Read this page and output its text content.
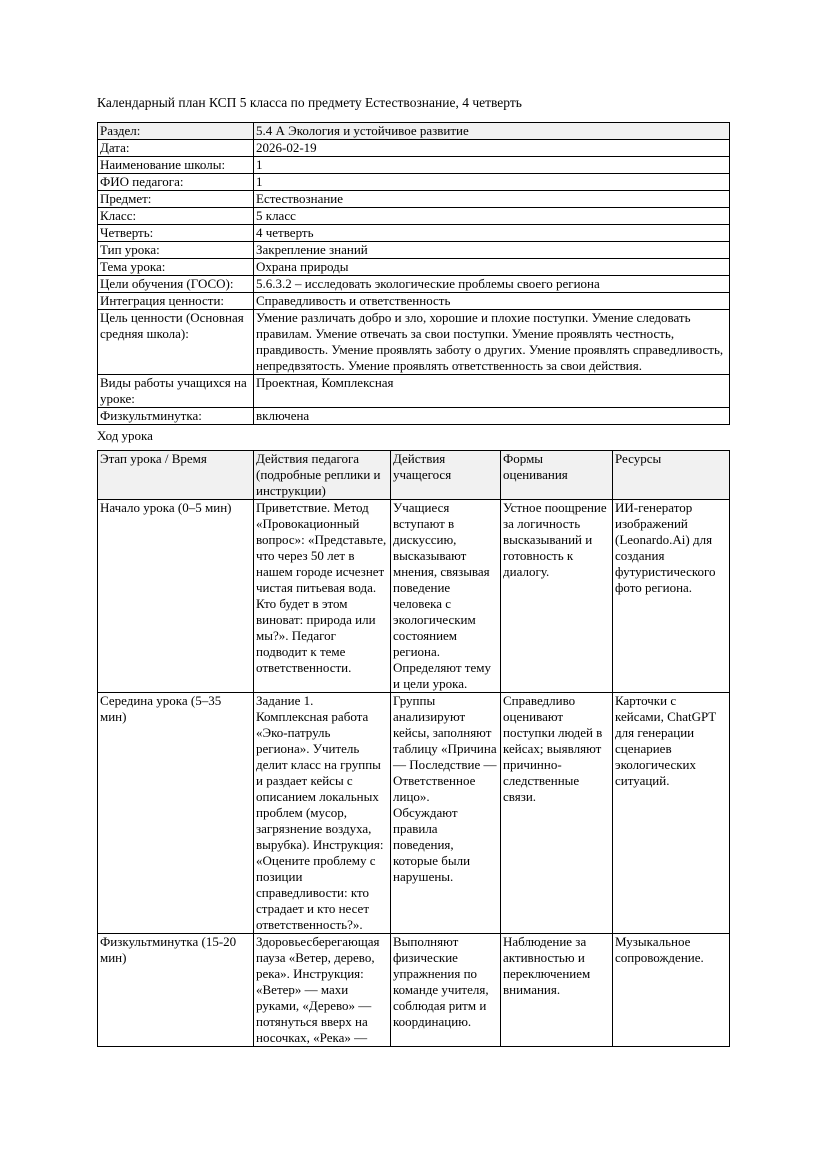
Календарный план КСП 5 класса по предмету Естествознание, 4 четверть
Раздел:	5.4 А Экология и устойчивое развитие
Дата:	2026-02-19
Наименование школы:	1
ФИО педагога:	1
Предмет:	Естествознание
Класс:	5 класс
Четверть:	4 четверть
Тип урока:	Закрепление знаний
Тема урока:	Охрана природы
Цели обучения (ГОСО):	5.6.3.2 – исследовать экологические проблемы своего региона
Интеграция ценности:	Справедливость и ответственность
Цель ценности (Основная средняя школа):	Умение различать добро и зло, хорошие и плохие поступки. Умение следовать правилам. Умение отвечать за свои поступки. Умение проявлять честность, правдивость. Умение проявлять заботу о других. Умение проявлять справедливость, непредвзятость. Умение проявлять ответственность за свои действия.
Виды работы учащихся на уроке:	Проектная, Комплексная
Физкультминутка:	включена
Ход урока
Этап урока / Время	Действия педагога (подробные реплики и инструкции)	Действия учащегося	Формы оценивания	Ресурсы
Начало урока (0–5 мин)	Приветствие. Метод «Провокационный вопрос»: «Представьте, что через 50 лет в нашем городе исчезнет чистая питьевая вода. Кто будет в этом виноват: природа или мы?». Педагог подводит к теме ответственности.	Учащиеся вступают в дискуссию, высказывают мнения, связывая поведение человека с экологическим состоянием региона. Определяют тему и цели урока.	Устное поощрение за логичность высказываний и готовность к диалогу.	ИИ-генератор изображений (Leonardo.Ai) для создания футуристического фото региона.
Середина урока (5–35 мин)	Задание 1. Комплексная работа «Эко-патруль региона». Учитель делит класс на группы и раздает кейсы с описанием локальных проблем (мусор, загрязнение воздуха, вырубка). Инструкция: «Оцените проблему с позиции справедливости: кто страдает и кто несет ответственность?».	Группы анализируют кейсы, заполняют таблицу «Причина — Последствие — Ответственное лицо». Обсуждают правила поведения, которые были нарушены.	Справедливо оценивают поступки людей в кейсах; выявляют причинно-следственные связи.	Карточки с кейсами, ChatGPT для генерации сценариев экологических ситуаций.
Физкультминутка (15-20 мин)	Здоровьесберегающая пауза «Ветер, дерево, река». Инструкция: «Ветер» — махи руками, «Дерево» — потянуться вверх на носочках, «Река» —	Выполняют физические упражнения по команде учителя, соблюдая ритм и координацию.	Наблюдение за активностью и переключением внимания.	Музыкальное сопровождение.
